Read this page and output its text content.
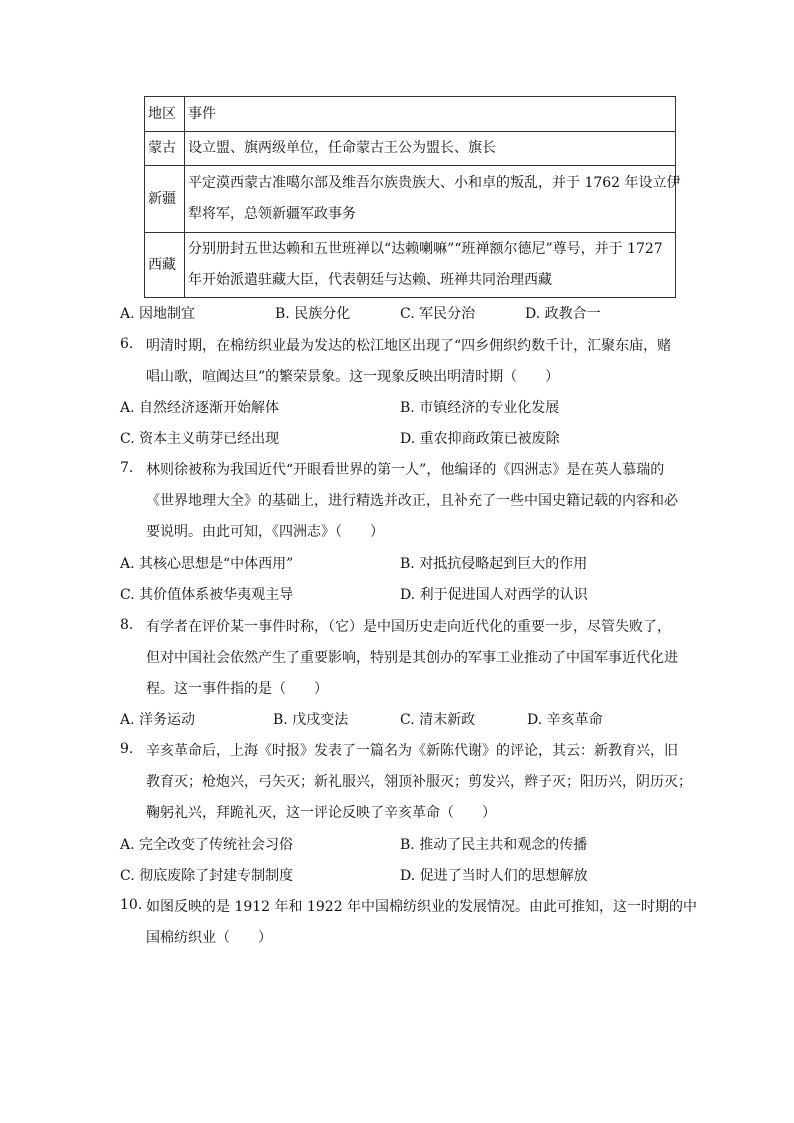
地区	事件
蒙古	设立盟、旗两级单位，任命蒙古王公为盟长、旗长
新疆	平定漠西蒙古准噶尔部及维吾尔族贵族大、小和卓的叛乱，并于 1762 年设立伊
犁将军，总领新疆军政事务

西藏	分别册封五世达赖和五世班禅以“达赖喇嘛”“班禅额尔德尼”尊号，并于 1727
年开始派遣驻藏大臣，代表朝廷与达赖、班禅共同治理西藏
A. 因地制宜	B. 民族分化	C. 军民分治	D. 政教合一
6. 明清时期，在棉纺织业最为发达的松江地区出现了“四乡佣织约数千计，汇聚东庙，赌
唱山歌，喧阗达旦”的繁荣景象。这一现象反映出明清时期（　　）
A. 自然经济逐渐开始解体	B. 市镇经济的专业化发展
C. 资本主义萌芽已经出现	D. 重农抑商政策已被废除
7. 林则徐被称为我国近代“开眼看世界的第一人”，他编译的《四洲志》是在英人慕瑞的
《世界地理大全》的基础上，进行精选并改正，且补充了一些中国史籍记载的内容和必
要说明。由此可知，《四洲志》（　　）
A. 其核心思想是“中体西用”	B. 对抵抗侵略起到巨大的作用
C. 其价值体系被华夷观主导	D. 利于促进国人对西学的认识
8. 有学者在评价某一事件时称，（它）是中国历史走向近代化的重要一步，尽管失败了，
但对中国社会依然产生了重要影响，特别是其创办的军事工业推动了中国军事近代化进
程。这一事件指的是（　　）
A. 洋务运动	B. 戊戌变法	C. 清末新政	D. 辛亥革命
9. 辛亥革命后，上海《时报》发表了一篇名为《新陈代谢》的评论，其云：新教育兴，旧
教育灭；枪炮兴，弓矢灭；新礼服兴，翎顶补服灭；剪发兴，辫子灭；阳历兴，阴历灭；
鞠躬礼兴，拜跪礼灭，这一评论反映了辛亥革命（　　）
A. 完全改变了传统社会习俗	B. 推动了民主共和观念的传播
C. 彻底废除了封建专制制度	D. 促进了当时人们的思想解放
10. 如图反映的是 1912 年和 1922 年中国棉纺织业的发展情况。由此可推知，这一时期的中
国棉纺织业（　　）
